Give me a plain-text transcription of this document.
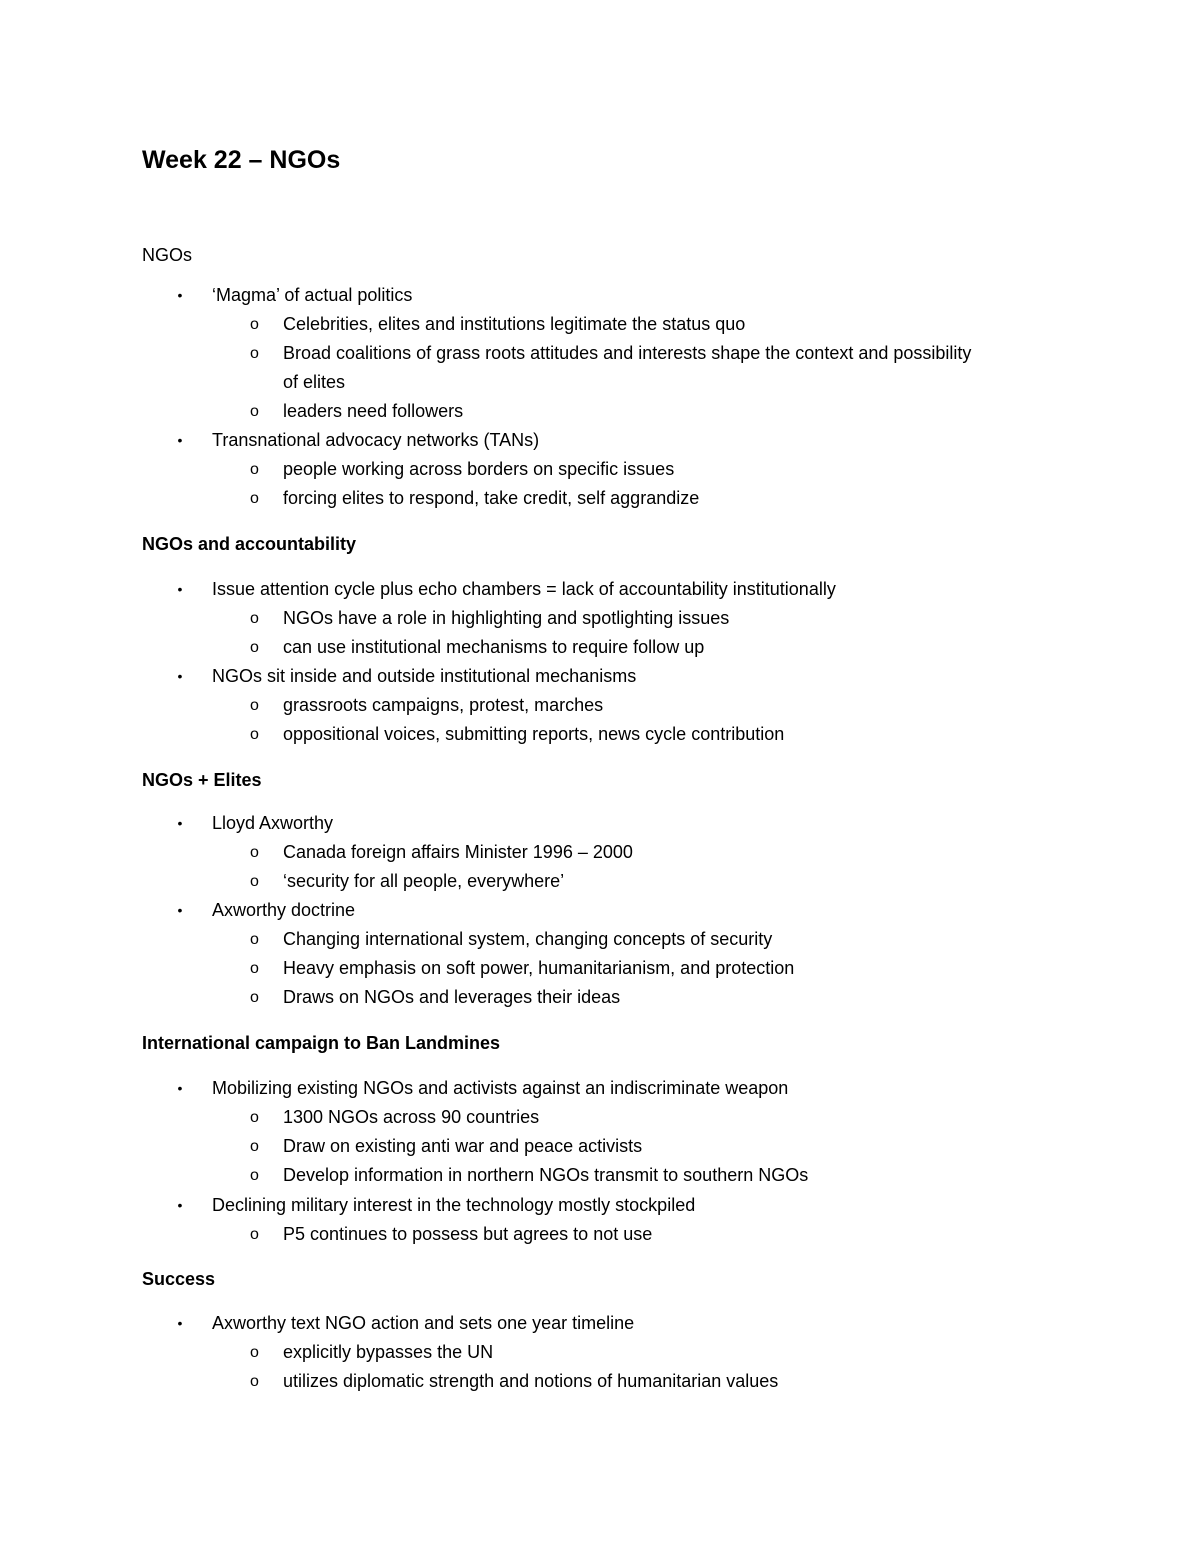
Week 22 – NGOs
NGOs
• ‘Magma’ of actual politics
o Celebrities, elites and institutions legitimate the status quo
o Broad coalitions of grass roots attitudes and interests shape the context and possibility
of elites
o leaders need followers
• Transnational advocacy networks (TANs)
o people working across borders on specific issues
o forcing elites to respond, take credit, self aggrandize
NGOs and accountability
• Issue attention cycle plus echo chambers = lack of accountability institutionally
o NGOs have a role in highlighting and spotlighting issues
o can use institutional mechanisms to require follow up
• NGOs sit inside and outside institutional mechanisms
o grassroots campaigns, protest, marches
o oppositional voices, submitting reports, news cycle contribution
NGOs + Elites
• Lloyd Axworthy
o Canada foreign affairs Minister 1996 – 2000
o ‘security for all people, everywhere’
• Axworthy doctrine
o Changing international system, changing concepts of security
o Heavy emphasis on soft power, humanitarianism, and protection
o Draws on NGOs and leverages their ideas
International campaign to Ban Landmines
• Mobilizing existing NGOs and activists against an indiscriminate weapon
o 1300 NGOs across 90 countries
o Draw on existing anti war and peace activists
o Develop information in northern NGOs transmit to southern NGOs
• Declining military interest in the technology mostly stockpiled
o P5 continues to possess but agrees to not use
Success
• Axworthy text NGO action and sets one year timeline
o explicitly bypasses the UN
o utilizes diplomatic strength and notions of humanitarian values
